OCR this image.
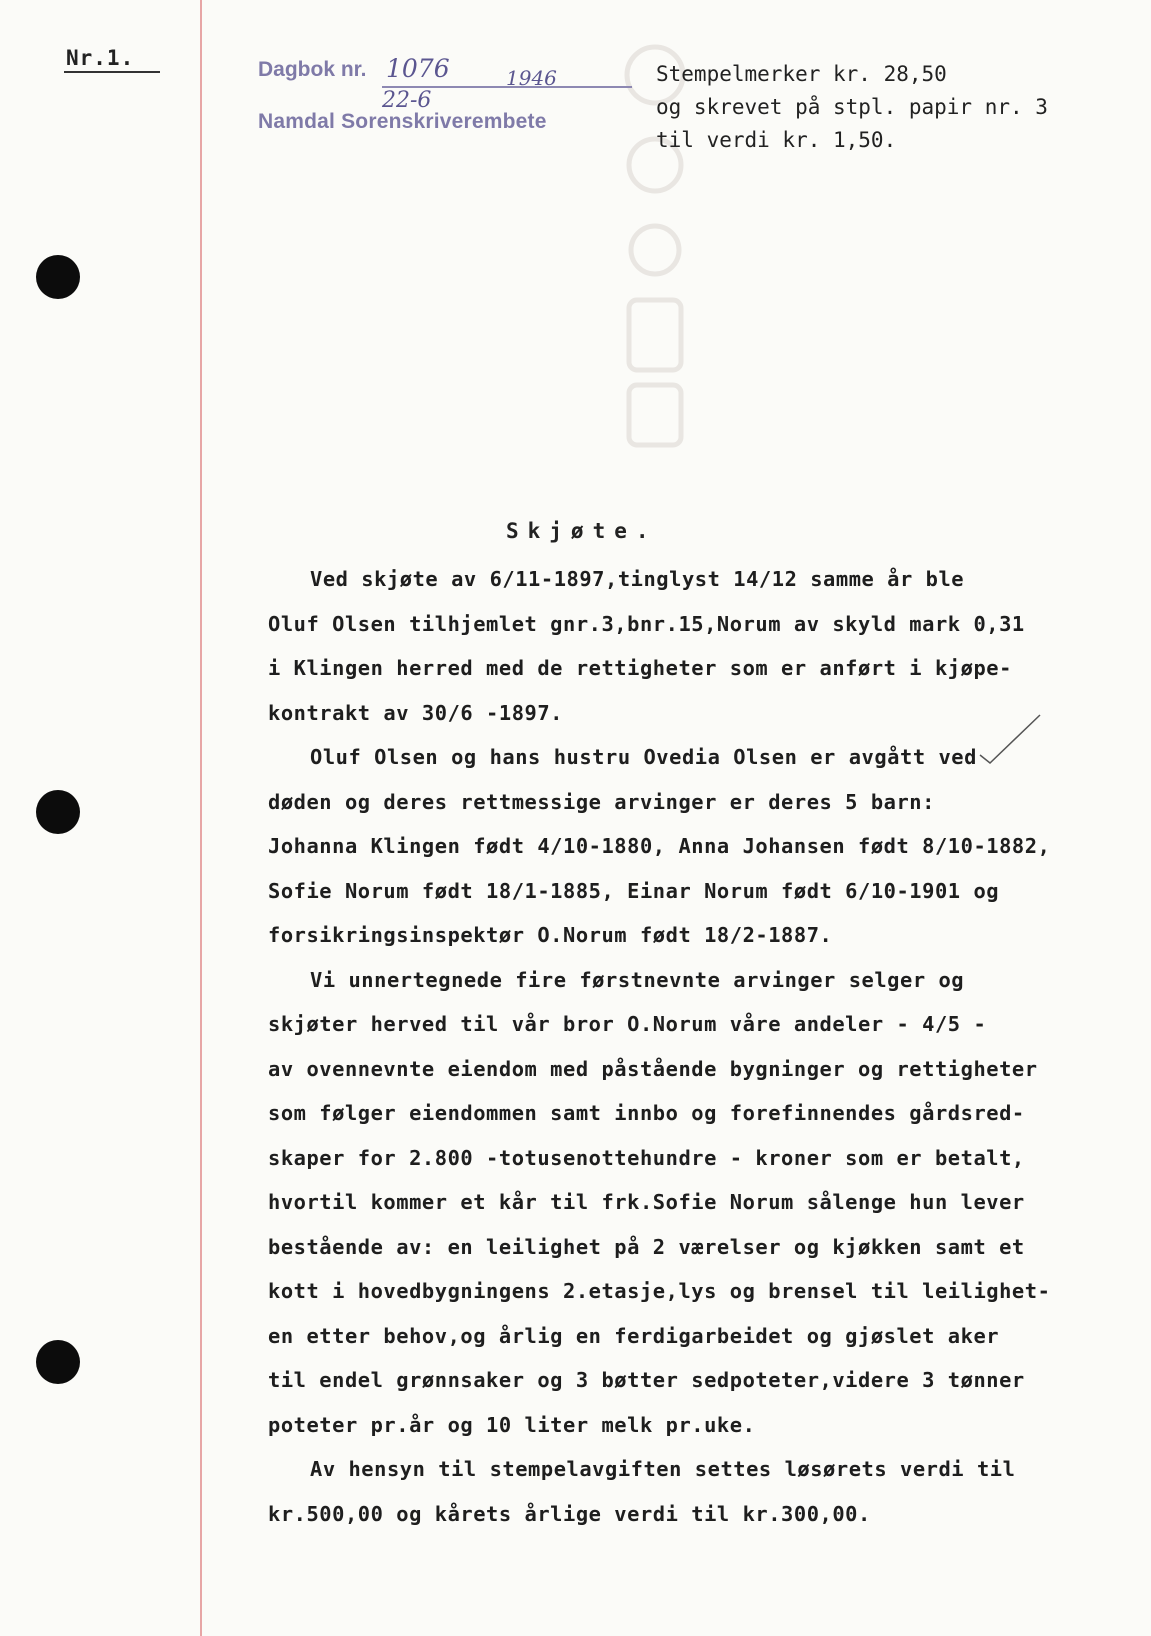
Nr.1.	Dagbok nr.
Namdal Sorenskriverembete
1076	1946
22-6
Stempelmerker kr. 28,50
og skrevet på stpl. papir nr. 3
til verdi kr. 1,50.
Skjøte.
Ved skjøte av 6/11-1897,tinglyst 14/12 samme år ble
Oluf Olsen tilhjemlet gnr.3,bnr.15,Norum av skyld mark 0,31
i Klingen herred med de rettigheter som er anført i kjøpe-
kontrakt av 30/6 -1897.
Oluf Olsen og hans hustru Ovedia Olsen er avgått ved
døden og deres rettmessige arvinger er deres 5 barn:
Johanna Klingen født 4/10-1880, Anna Johansen født 8/10-1882,
Sofie Norum født 18/1-1885, Einar Norum født 6/10-1901 og
forsikringsinspektør O.Norum født 18/2-1887.
Vi unnertegnede fire førstnevnte arvinger selger og
skjøter herved til vår bror O.Norum våre andeler - 4/5 -
av ovennevnte eiendom med påstående bygninger og rettigheter
som følger eiendommen samt innbo og forefinnendes gårdsred-
skaper for 2.800 -totusenottehundre - kroner som er betalt,
hvortil kommer et kår til frk.Sofie Norum sålenge hun lever
bestående av: en leilighet på 2 værelser og kjøkken samt et
kott i hovedbygningens 2.etasje,lys og brensel til leilighet-
en etter behov,og årlig en ferdigarbeidet og gjøslet aker
til endel grønnsaker og 3 bøtter sedpoteter,videre 3 tønner
poteter pr.år og 10 liter melk pr.uke.
Av hensyn til stempelavgiften settes løsørets verdi til
kr.500,00 og kårets årlige verdi til kr.300,00.
